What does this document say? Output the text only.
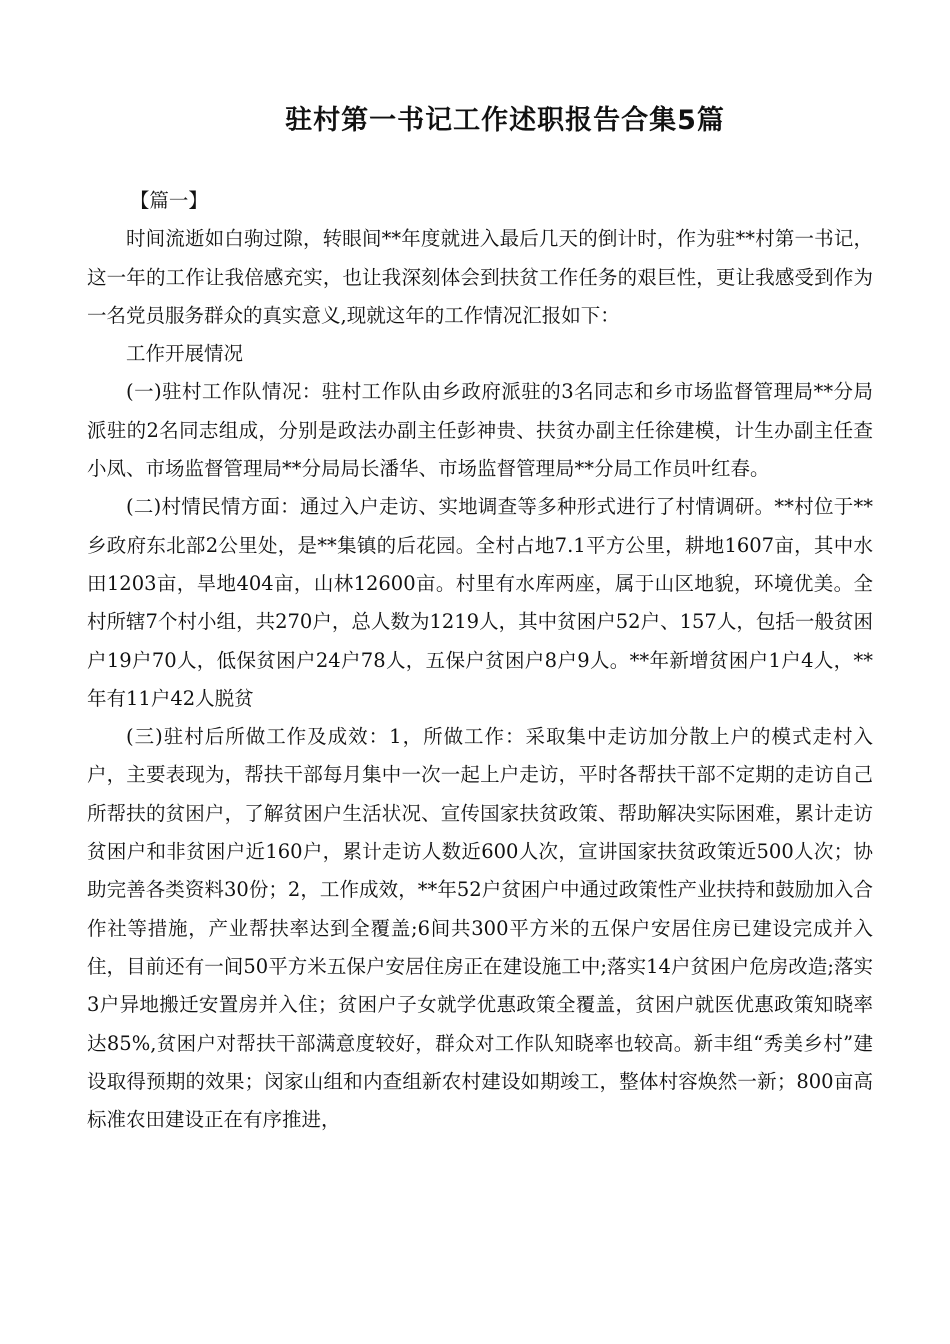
驻村第一书记工作述职报告合集5篇

【篇一】

时间流逝如白驹过隙，转眼间**年度就进入最后几天的倒计时，作为驻**村第一书记，这一年的工作让我倍感充实，也让我深刻体会到扶贫工作任务的艰巨性，更让我感受到作为一名党员服务群众的真实意义,现就这年的工作情况汇报如下：

工作开展情况

(一)驻村工作队情况：驻村工作队由乡政府派驻的3名同志和乡市场监督管理局**分局派驻的2名同志组成，分别是政法办副主任彭神贵、扶贫办副主任徐建模，计生办副主任查小凤、市场监督管理局**分局局长潘华、市场监督管理局**分局工作员叶红春。

(二)村情民情方面：通过入户走访、实地调查等多种形式进行了村情调研。**村位于**乡政府东北部2公里处，是**集镇的后花园。全村占地7.1平方公里，耕地1607亩，其中水田1203亩，旱地404亩，山林12600亩。村里有水库两座，属于山区地貌，环境优美。全村所辖7个村小组，共270户，总人数为1219人，其中贫困户52户、157人，包括一般贫困户19户70人，低保贫困户24户78人，五保户贫困户8户9人。**年新增贫困户1户4人，**年有11户42人脱贫

(三)驻村后所做工作及成效：1，所做工作：采取集中走访加分散上户的模式走村入户，主要表现为，帮扶干部每月集中一次一起上户走访，平时各帮扶干部不定期的走访自己所帮扶的贫困户，了解贫困户生活状况、宣传国家扶贫政策、帮助解决实际困难，累计走访贫困户和非贫困户近160户，累计走访人数近600人次，宣讲国家扶贫政策近500人次；协助完善各类资料30份；2，工作成效，**年52户贫困户中通过政策性产业扶持和鼓励加入合作社等措施，产业帮扶率达到全覆盖;6间共300平方米的五保户安居住房已建设完成并入住，目前还有一间50平方米五保户安居住房正在建设施工中;落实14户贫困户危房改造;落实3户异地搬迁安置房并入住；贫困户子女就学优惠政策全覆盖，贫困户就医优惠政策知晓率达85%,贫困户对帮扶干部满意度较好，群众对工作队知晓率也较高。新丰组“秀美乡村”建设取得预期的效果；闵家山组和内查组新农村建设如期竣工，整体村容焕然一新；800亩高标准农田建设正在有序推进，
